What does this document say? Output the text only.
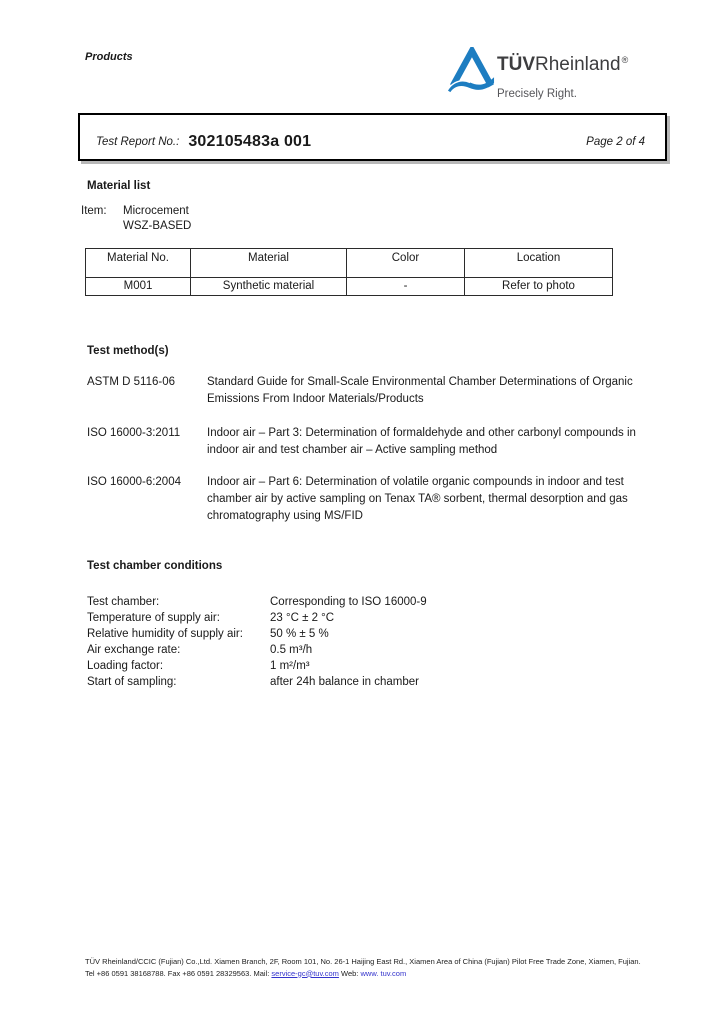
Products	TÜVRheinland®
Precisely Right.
Test Report No.: 302105483a 001	Page 2 of 4
Material list
Item:	Microcement
WSZ-BASED
Material No.	Material	Color	Location
M001	Synthetic material	-	Refer to photo
Test method(s)
ASTM D 5116-06	Standard Guide for Small-Scale Environmental Chamber Determinations of Organic Emissions From Indoor Materials/Products
ISO 16000-3:2011	Indoor air – Part 3: Determination of formaldehyde and other carbonyl compounds in indoor air and test chamber air – Active sampling method
ISO 16000-6:2004	Indoor air – Part 6: Determination of volatile organic compounds in indoor and test chamber air by active sampling on Tenax TA® sorbent, thermal desorption and gas chromatography using MS/FID
Test chamber conditions
Test chamber:	Corresponding to ISO 16000-9
Temperature of supply air:	23 °C ± 2 °C
Relative humidity of supply air:	50 % ± 5 %
Air exchange rate:	0.5 m³/h
Loading factor:	1 m²/m³
Start of sampling:	after 24h balance in chamber
TÜV Rheinland/CCIC (Fujian) Co.,Ltd. Xiamen Branch, 2F, Room 101, No. 26-1 Haijing East Rd., Xiamen Area of China (Fujian) Pilot Free Trade Zone, Xiamen, Fujian.
Tel +86 0591 38168788. Fax +86 0591 28329563. Mail: service-gc@tuv.com Web: www. tuv.com
